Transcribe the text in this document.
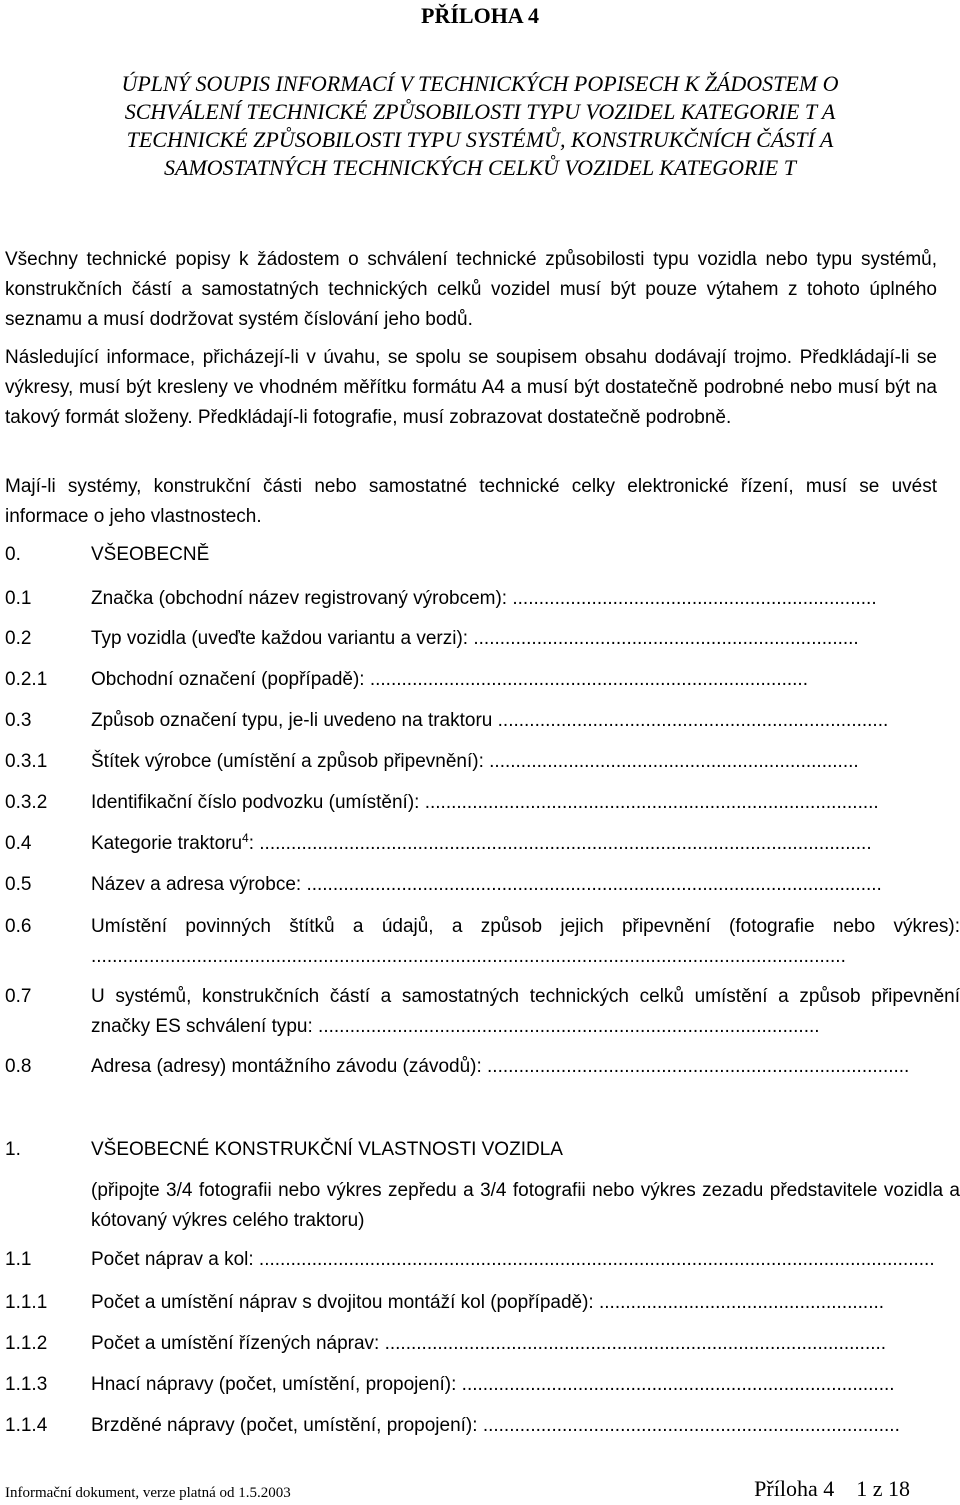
PŘÍLOHA 4
ÚPLNÝ SOUPIS INFORMACÍ V TECHNICKÝCH POPISECH K ŽÁDOSTEM O
SCHVÁLENÍ TECHNICKÉ ZPŮSOBILOSTI TYPU VOZIDEL KATEGORIE T A
TECHNICKÉ ZPŮSOBILOSTI TYPU SYSTÉMŮ, KONSTRUKČNÍCH ČÁSTÍ A
SAMOSTATNÝCH TECHNICKÝCH CELKŮ VOZIDEL KATEGORIE T
Všechny technické popisy k žádostem o schválení technické způsobilosti typu vozidla nebo typu systémů, konstrukčních částí a samostatných technických celků vozidel musí být pouze výtahem z tohoto úplného seznamu a musí dodržovat systém číslování jeho bodů.
Následující informace, přicházejí-li v úvahu, se spolu se soupisem obsahu dodávají trojmo. Předkládají-li se výkresy, musí být kresleny ve vhodném měřítku formátu A4 a musí být dostatečně podrobné nebo musí být na takový formát složeny. Předkládají-li fotografie, musí zobrazovat dostatečně podrobně.
Mají-li systémy, konstrukční části nebo samostatné technické celky elektronické řízení, musí se uvést informace o jeho vlastnostech.
0.	VŠEOBECNĚ
0.1	Značka (obchodní název registrovaný výrobcem): .....................................................................
0.2	Typ vozidla (uveďte každou variantu a verzi): .........................................................................
0.2.1 Obchodní označení (popřípadě): ...................................................................................
0.3	Způsob označení typu, je-li uvedeno na traktoru ..........................................................................
0.3.1 Štítek výrobce (umístění a způsob připevnění): ......................................................................
0.3.2 Identifikační číslo podvozku (umístění): ......................................................................................
0.4	Kategorie traktoru$^4$: ....................................................................................................................
0.5	Název a adresa výrobce: .............................................................................................................
0.6	Umístění povinných štítků a údajů, a způsob jejich připevnění (fotografie nebo výkres): ...............................................................................................................................................
0.7	U systémů, konstrukčních částí a samostatných technických celků umístění a způsob připevnění značky ES schválení typu: ...............................................................................................
0.8	Adresa (adresy) montážního závodu (závodů): ................................................................................
1.	VŠEOBECNÉ KONSTRUKČNÍ VLASTNOSTI VOZIDLA
(připojte 3/4 fotografii nebo výkres zepředu a 3/4 fotografii nebo výkres zezadu představitele vozidla a kótovaný výkres celého traktoru)
1.1	Počet náprav a kol: ................................................................................................................................
1.1.1 Počet a umístění náprav s dvojitou montáží kol (popřípadě): ......................................................
1.1.2 Počet a umístění řízených náprav: ...............................................................................................
1.1.3 Hnací nápravy (počet, umístění, propojení): ..................................................................................
1.1.4 Brzděné nápravy (počet, umístění, propojení): ...............................................................................
Informační dokument, verze platná od 1.5.2003	Příloha 4    1 z 18
